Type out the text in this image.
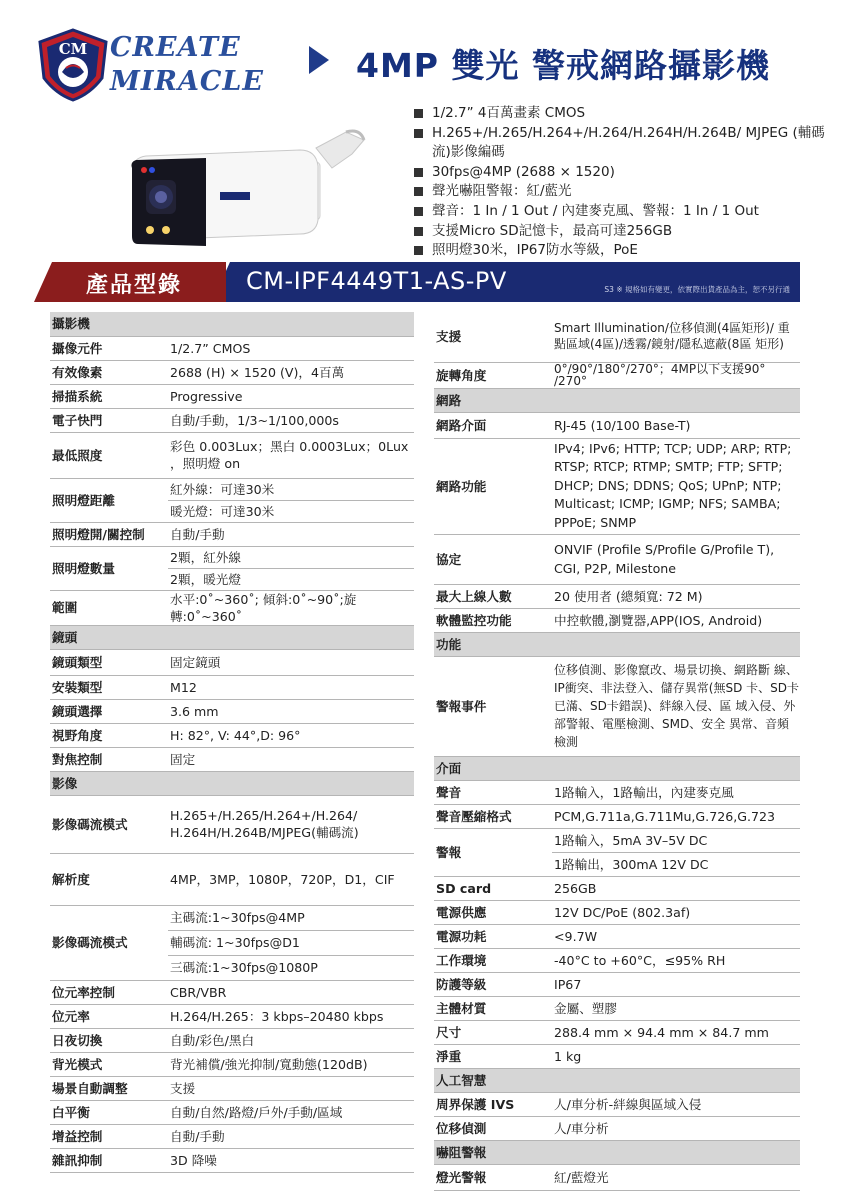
CM CREATE
MIRACLE	4MP 雙光 警戒網路攝影機
1/2.7” 4百萬畫素 CMOS
H.265+/H.265/H.264+/H.264/H.264H/H.264B/ MJPEG (輔碼流)影像編碼
30fps@4MP (2688 × 1520)
聲光嚇阻警報：紅/藍光
聲音：1 In / 1 Out / 內建麥克風、警報：1 In / 1 Out
支援Micro SD記憶卡，最高可達256GB
照明燈30米，IP67防水等級，PoE
產品型錄	CM-IPF4449T1-AS-PV	S3 ※ 規格如有變更，依實際出貨產品為主，恕不另行通
攝影機	
攝像元件	1/2.7” CMOS
有效像素	2688 (H) × 1520 (V)，4百萬
掃描系統	Progressive
電子快門	自動/手動，1/3~1/100,000s
最低照度	彩色 0.003Lux；黑白 0.0003Lux；0Lux ，照明燈 on
照明燈距離	紅外線：可達30米
	暖光燈：可達30米
照明燈開/關控制	自動/手動
照明燈數量	2顆，紅外線
	2顆，暖光燈
範圍	水平:0˚~360˚; 傾斜:0˚~90˚;旋轉:0˚~360˚
鏡頭	
鏡頭類型	固定鏡頭
安裝類型	M12
鏡頭選擇	3.6 mm
視野角度	H: 82°, V: 44°,D: 96°
對焦控制	固定
影像	
影像碼流模式	H.265+/H.265/H.264+/H.264/ H.264H/H.264B/MJPEG(輔碼流)
解析度	4MP，3MP，1080P，720P，D1，CIF
影像碼流模式	主碼流:1~30fps@4MP
	輔碼流: 1~30fps@D1
	三碼流:1~30fps@1080P
位元率控制	CBR/VBR
位元率	H.264/H.265：3 kbps–20480 kbps
日夜切換	自動/彩色/黑白
背光模式	背光補償/強光抑制/寬動態(120dB)
場景自動調整	支援
白平衡	自動/自然/路燈/戶外/手動/區域
增益控制	自動/手動
雜訊抑制	3D 降噪
支援	Smart Illumination/位移偵測(4區矩形)/ 重點區域(4區)/透霧/鏡射/隱私遮蔽(8區 矩形)
旋轉角度	0°/90°/180°/270°；4MP以下支援90° /270°
網路	
網路介面	RJ-45 (10/100 Base-T)
網路功能	IPv4; IPv6; HTTP; TCP; UDP; ARP; RTP; RTSP; RTCP; RTMP; SMTP; FTP; SFTP; DHCP; DNS; DDNS; QoS; UPnP; NTP; Multicast; ICMP; IGMP; NFS; SAMBA; PPPoE; SNMP
協定	ONVIF (Profile S/Profile G/Profile T), CGI, P2P, Milestone
最大上線人數	20 使用者 (總頻寬: 72 M)
軟體監控功能	中控軟體,瀏覽器,APP(IOS, Android)
功能	
警報事件	位移偵測、影像竄改、場景切換、網路斷 線、IP衝突、非法登入、儲存異常(無SD 卡、SD卡已滿、SD卡錯誤)、絆線入侵、區 域入侵、外部警報、電壓檢測、SMD、安全 異常、音頻檢測
介面	
聲音	1路輸入，1路輸出，內建麥克風
聲音壓縮格式	PCM,G.711a,G.711Mu,G.726,G.723
警報	1路輸入，5mA 3V–5V DC
	1路輸出，300mA 12V DC
SD card	256GB
電源供應	12V DC/PoE (802.3af)
電源功耗	<9.7W
工作環境	-40°C to +60°C，≤95% RH
防護等級	IP67
主體材質	金屬、塑膠
尺寸	288.4 mm × 94.4 mm × 84.7 mm
淨重	1 kg
人工智慧	
周界保護 IVS	人/車分析-絆線與區域入侵
位移偵測	人/車分析
嚇阻警報	
燈光警報	紅/藍燈光
